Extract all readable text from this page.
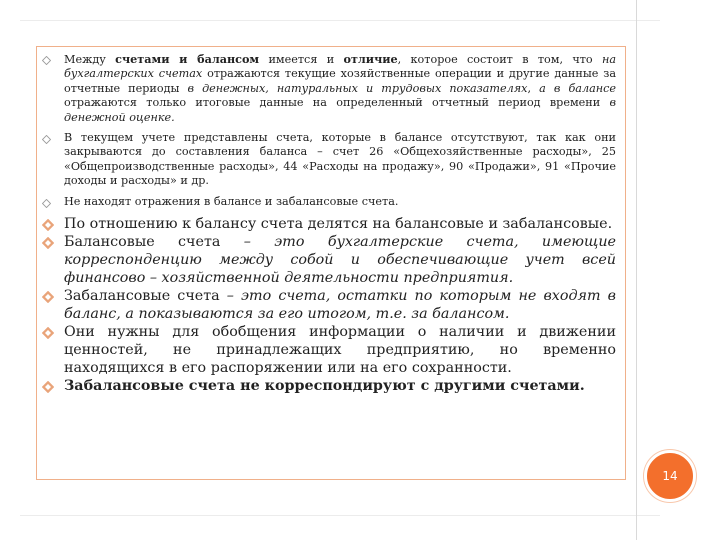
Между счетами и балансом имеется и отличие, которое состоит в том, что на бухгалтерских счетах отражаются текущие хозяйственные операции и другие данные за отчетные периоды в денежных, натуральных и трудовых показателях, а в балансе отражаются только итоговые данные на определенный отчетный период времени в денежной оценке.
В текущем учете представлены счета, которые в балансе отсутствуют, так как они закрываются до составления баланса – счет 26 «Общехозяйственные расходы», 25 «Общепроизводственные расходы», 44 «Расходы на продажу», 90 «Продажи», 91 «Прочие доходы и расходы» и др.
Не находят отражения в балансе и забалансовые счета.
По отношению к балансу счета делятся на балансовые и забалансовые.
Балансовые счета – это бухгалтерские счета, имеющие корреспонденцию между собой и обеспечивающие учет всей финансово – хозяйственной деятельности предприятия.
Забалансовые счета – это счета, остатки по которым не входят в баланс, а показываются за его итогом, т.е. за балансом.
Они нужны для обобщения информации о наличии и движении ценностей, не принадлежащих предприятию, но временно находящихся в его распоряжении или на его сохранности.
Забалансовые счета не корреспондируют с другими счетами.
14
